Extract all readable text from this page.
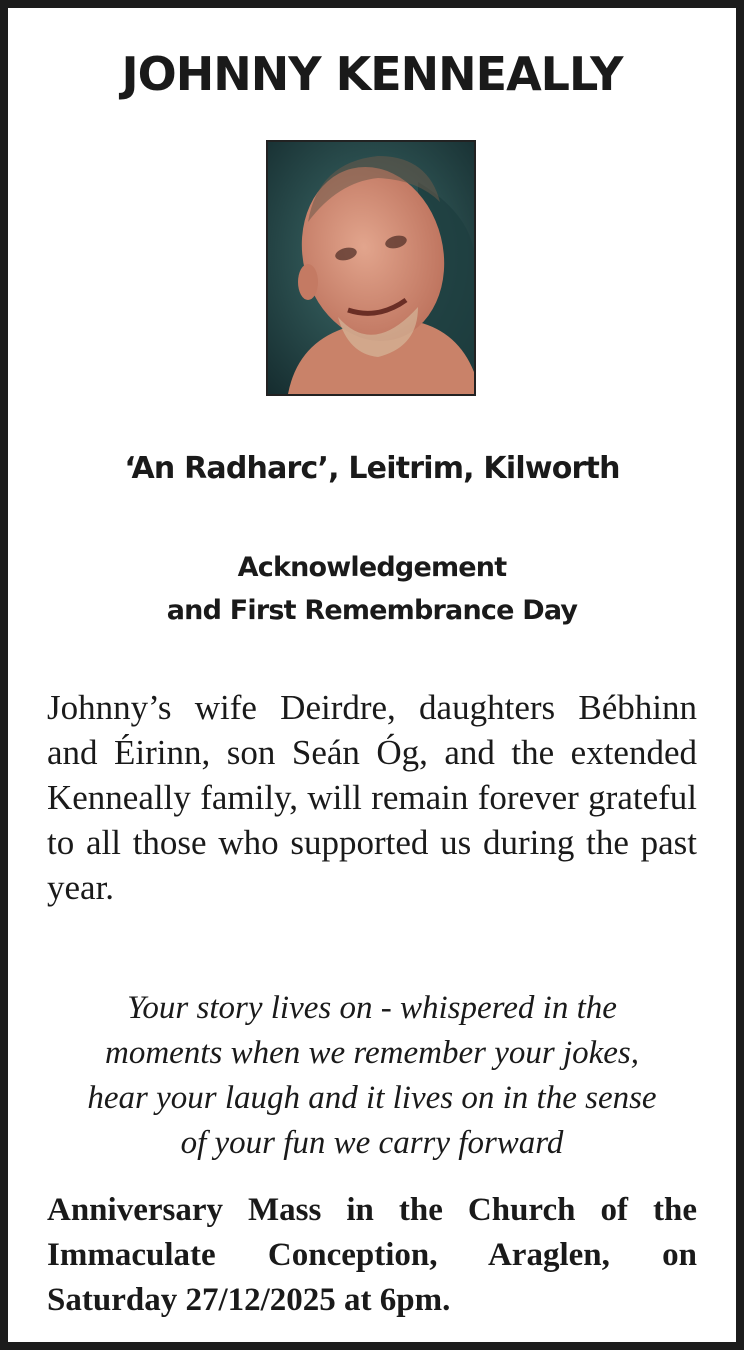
JOHNNY KENNEALLY
‘An Radharc’, Leitrim, Kilworth
Acknowledgement
and First Remembrance Day

Johnny’s wife Deirdre, daughters Bébhinn and Éirinn, son Seán Óg, and the extended Kenneally family, will remain forever grateful to all those who supported us during the past year.

Your story lives on - whispered in the
moments when we remember your jokes,
hear your laugh and it lives on in the sense
of your fun we carry forward

Anniversary Mass in the Church of the Immaculate Conception, Araglen, on Saturday 27/12/2025 at 6pm.
